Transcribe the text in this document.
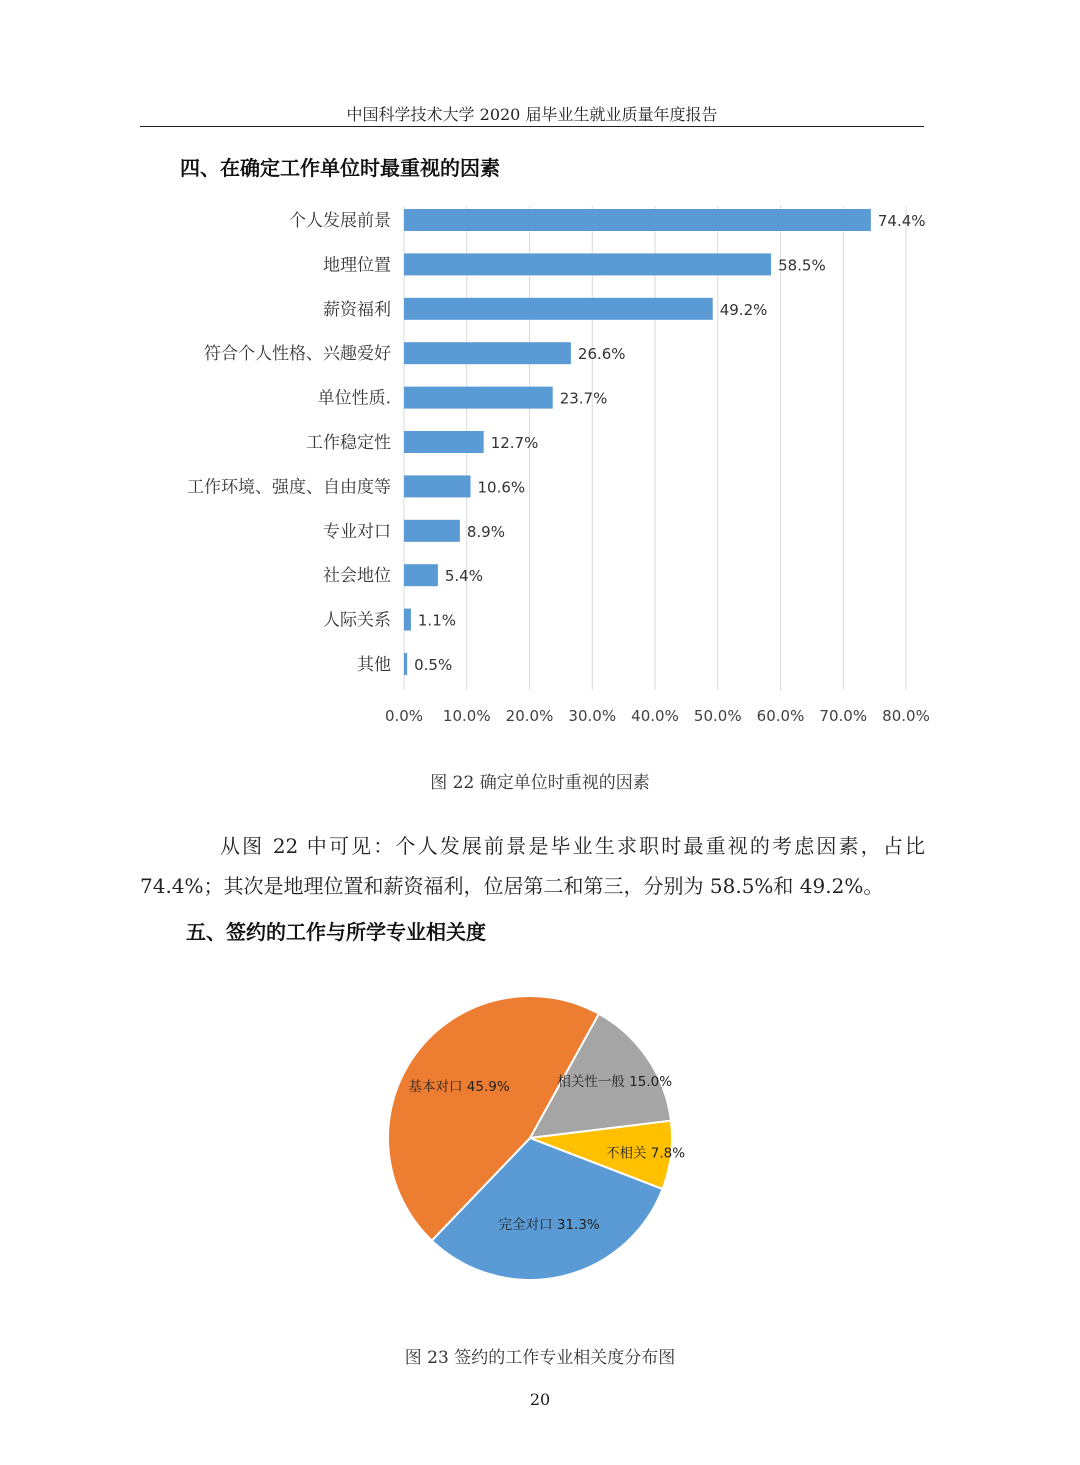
中国科学技术大学 2020 届毕业生就业质量年度报告
四、在确定工作单位时最重视的因素
个人发展前景
地理位置
薪资福利
符合个人性格、兴趣爱好
单位性质.
工作稳定性
工作环境、强度、自由度等
专业对口
社会地位
人际关系
其他
74.4%
58.5%
49.2%
26.6%
23.7%
12.7%
10.6%
8.9%
5.4%
1.1%
0.5%
0.0% 10.0% 20.0% 30.0% 40.0% 50.0% 60.0% 70.0% 80.0%
图 22 确定单位时重视的因素
从图 22 中可见：个人发展前景是毕业生求职时最重视的考虑因素，占比 74.4%；其次是地理位置和薪资福利，位居第二和第三，分别为 58.5%和 49.2%。
五、签约的工作与所学专业相关度
相关性一般 15.0%
不相关 7.8%
完全对口 31.3%
基本对口 45.9%
图 23 签约的工作专业相关度分布图
20
